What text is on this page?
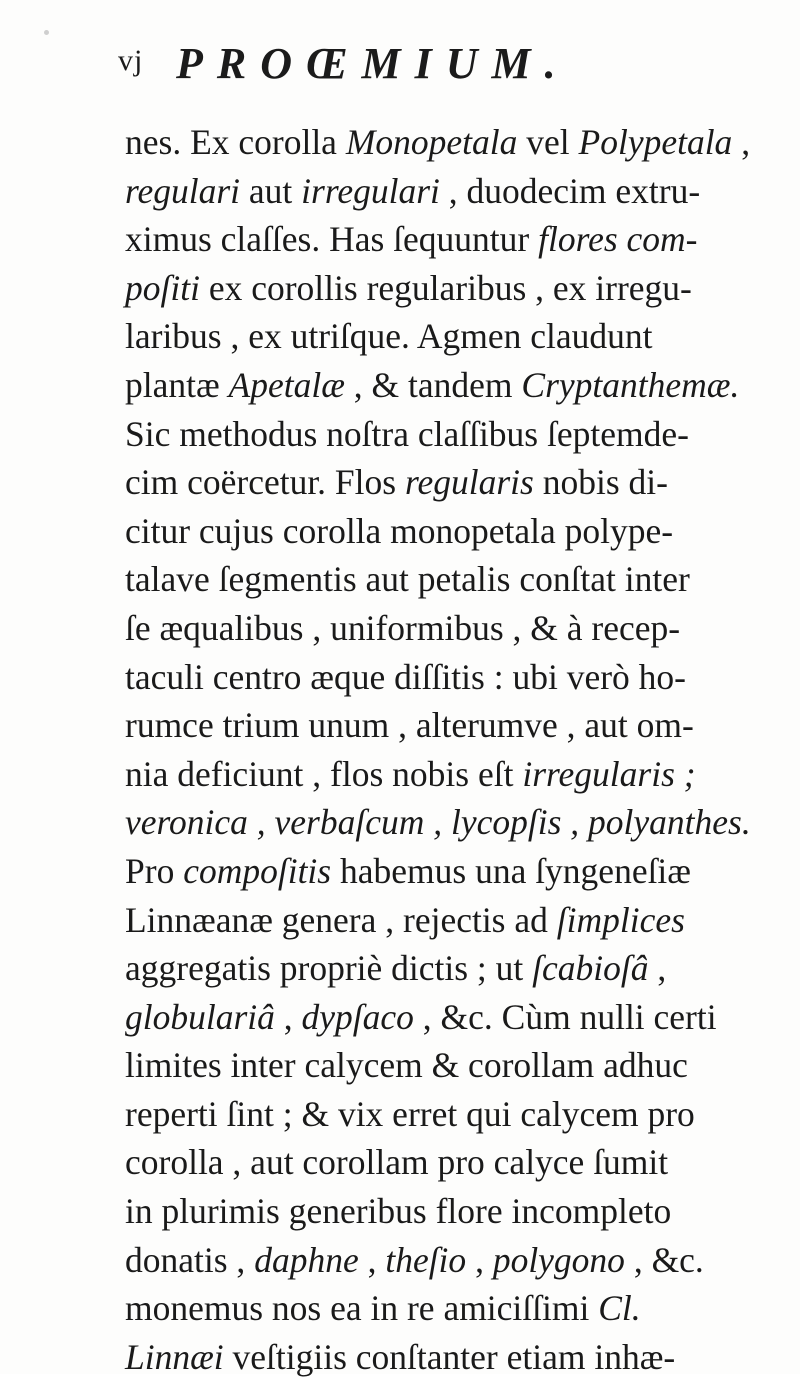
vj PROŒMIUM.
nes. Ex corolla Monopetala vel Polypetala ,
regulari aut irregulari , duodecim extru-
ximus claſſes. Has ſequuntur flores com-
poſiti ex corollis regularibus , ex irregu-
laribus , ex utriſque. Agmen claudunt
plantæ Apetalæ , & tandem Cryptanthemæ.
Sic methodus noſtra claſſibus ſeptemde-
cim coërcetur. Flos regularis nobis di-
citur cujus corolla monopetala polype-
talave ſegmentis aut petalis conſtat inter
ſe æqualibus , uniformibus , & à recep-
taculi centro æque diſſitis : ubi verò ho-
rumce trium unum , alterumve , aut om-
nia deficiunt , flos nobis eſt irregularis ;
veronica , verbaſcum , lycopſis , polyanthes.
Pro compoſitis habemus una ſyngeneſiæ
Linnæanæ genera , rejectis ad ſimplices
aggregatis propriè dictis ; ut ſcabioſâ ,
globulariâ , dypſaco , &c. Cùm nulli certi
limites inter calycem & corollam adhuc
reperti ſint ; & vix erret qui calycem pro
corolla , aut corollam pro calyce ſumit
in plurimis generibus flore incompleto
donatis , daphne , theſio , polygono , &c.
monemus nos ea in re amiciſſimi Cl.
Linnæi veſtigiis conſtanter etiam inhæ-
